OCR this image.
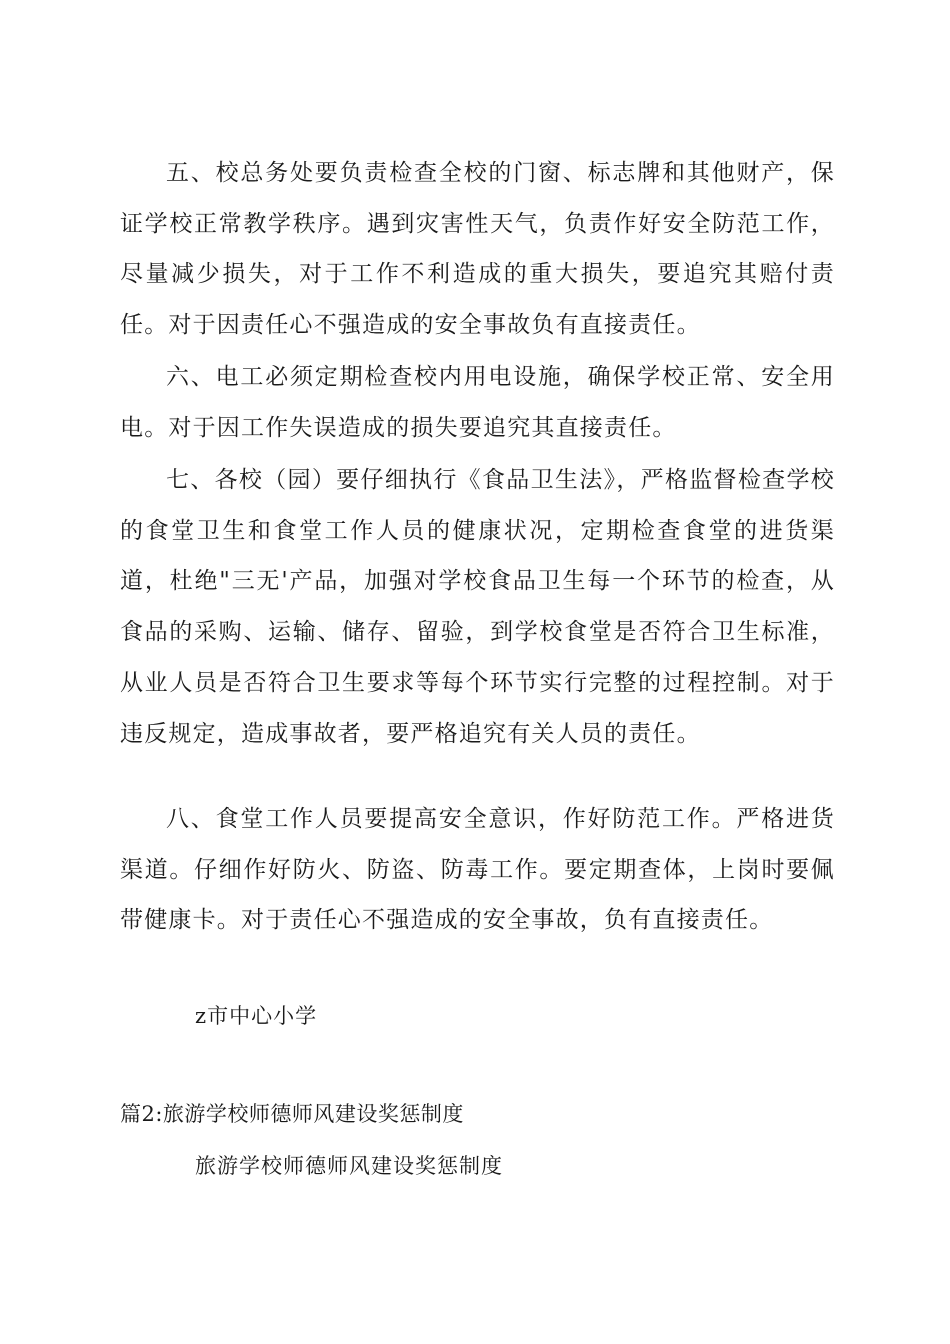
五、校总务处要负责检查全校的门窗、标志牌和其他财产，保证学校正常教学秩序。遇到灾害性天气，负责作好安全防范工作，尽量减少损失，对于工作不利造成的重大损失，要追究其赔付责任。对于因责任心不强造成的安全事故负有直接责任。

六、电工必须定期检查校内用电设施，确保学校正常、安全用电。对于因工作失误造成的损失要追究其直接责任。

七、各校（园）要仔细执行《食品卫生法》，严格监督检查学校的食堂卫生和食堂工作人员的健康状况，定期检查食堂的进货渠道，杜绝"三无'产品，加强对学校食品卫生每一个环节的检查，从食品的采购、运输、储存、留验，到学校食堂是否符合卫生标准，从业人员是否符合卫生要求等每个环节实行完整的过程控制。对于违反规定，造成事故者，要严格追究有关人员的责任。

八、食堂工作人员要提高安全意识，作好防范工作。严格进货渠道。仔细作好防火、防盗、防毒工作。要定期查体，上岗时要佩带健康卡。对于责任心不强造成的安全事故，负有直接责任。

z市中心小学
篇2:旅游学校师德师风建设奖惩制度
旅游学校师德师风建设奖惩制度
